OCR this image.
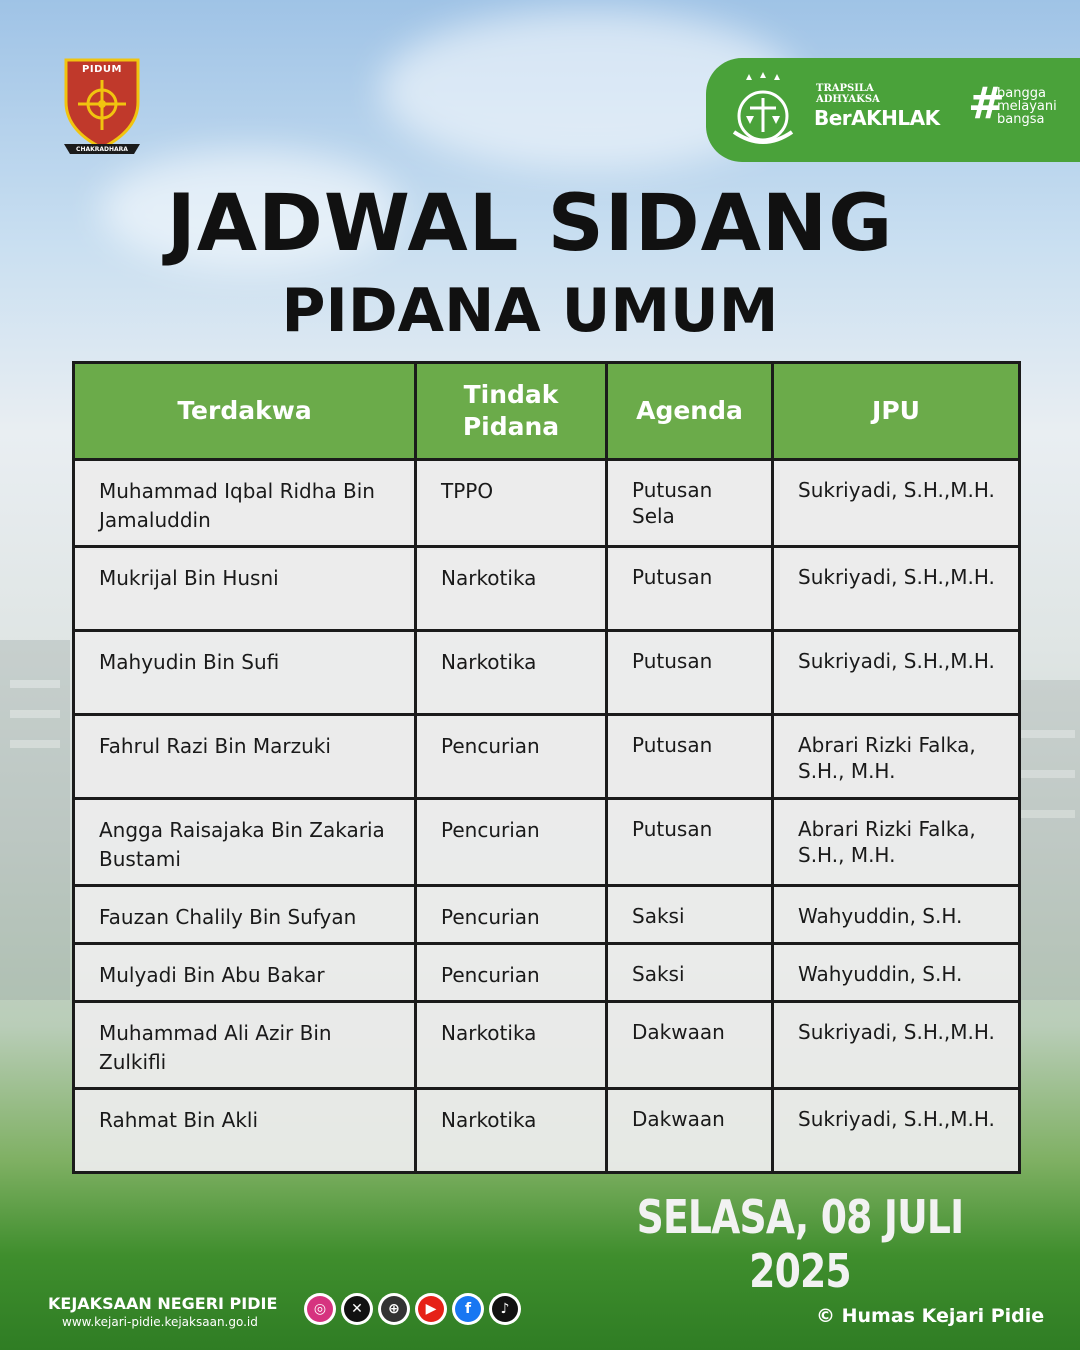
PIDUM
CHAKRADHARA
TRAPSILA
ADHYAKSA
BerAKHLAK #
bangga
melayani
bangsa
JADWAL SIDANG
PIDANA UMUM
Terdakwa	Tindak Pidana	Agenda	JPU
Muhammad Iqbal Ridha Bin Jamaluddin	TPPO	Putusan Sela	Sukriyadi, S.H.,M.H.
Mukrijal Bin Husni	Narkotika	Putusan	Sukriyadi, S.H.,M.H.
Mahyudin Bin Sufi	Narkotika	Putusan	Sukriyadi, S.H.,M.H.
Fahrul Razi Bin Marzuki	Pencurian	Putusan	Abrari Rizki Falka, S.H., M.H.
Angga Raisajaka Bin Zakaria Bustami	Pencurian	Putusan	Abrari Rizki Falka, S.H., M.H.
Fauzan Chalily Bin Sufyan	Pencurian	Saksi	Wahyuddin, S.H.
Mulyadi Bin Abu Bakar	Pencurian	Saksi	Wahyuddin, S.H.
Muhammad Ali Azir Bin Zulkifli	Narkotika	Dakwaan	Sukriyadi, S.H.,M.H.
Rahmat Bin Akli	Narkotika	Dakwaan	Sukriyadi, S.H.,M.H.
SELASA, 08 JULI 2025
KEJAKSAAN NEGERI PIDIE
www.kejari-pidie.kejaksaan.go.id
◎	✕	⊕	▶	f	♪	© Humas Kejari Pidie
